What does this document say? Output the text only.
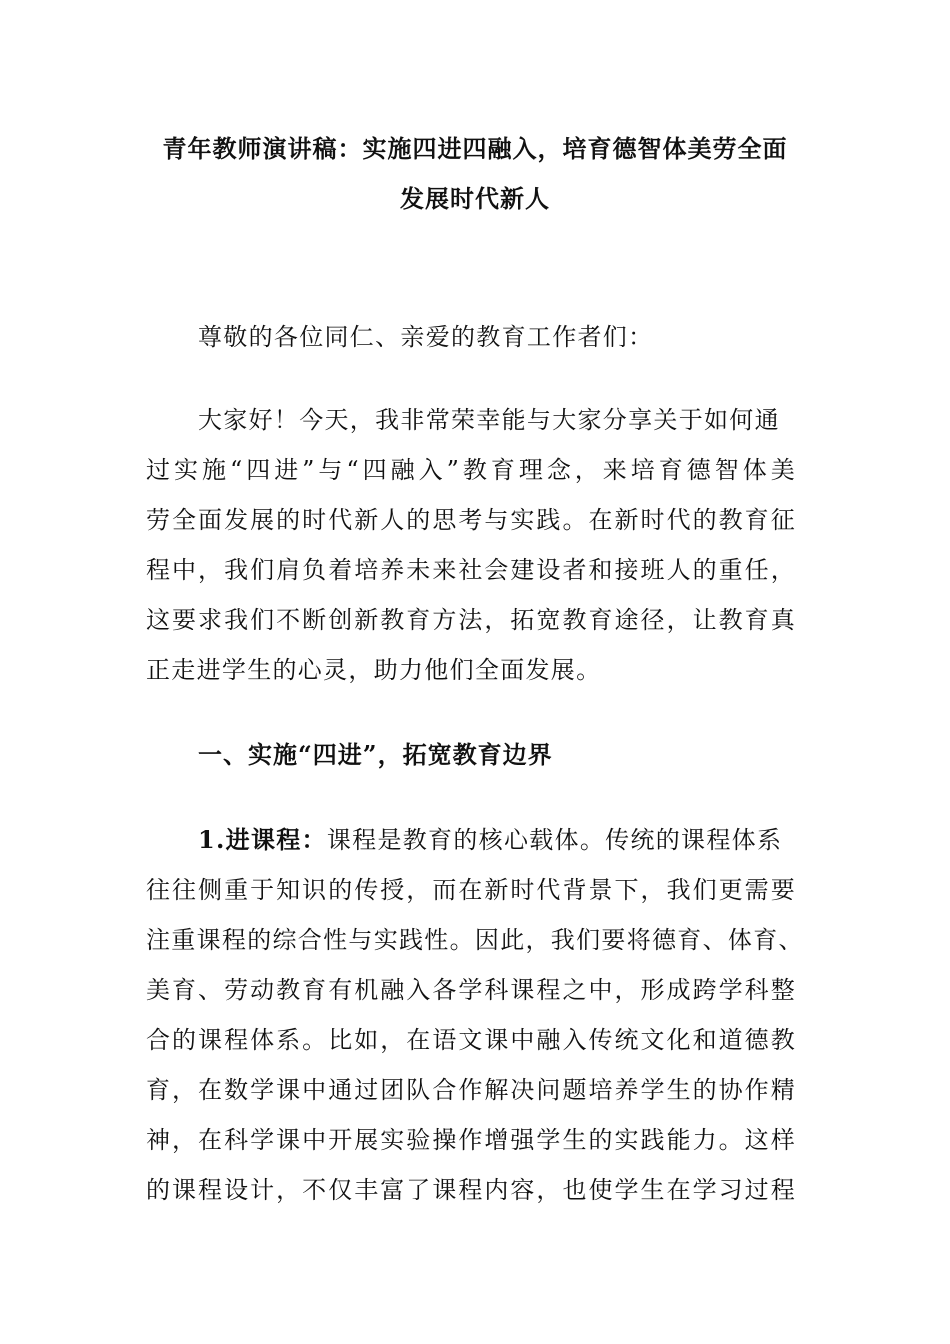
青年教师演讲稿：实施四进四融入，培育德智体美劳全面
发展时代新人
尊敬的各位同仁、亲爱的教育工作者们：
大家好！今天，我非常荣幸能与大家分享关于如何通
过实施“四进”与“四融入”教育理念，来培育德智体美
劳全面发展的时代新人的思考与实践。在新时代的教育征
程中，我们肩负着培养未来社会建设者和接班人的重任，
这要求我们不断创新教育方法，拓宽教育途径，让教育真
正走进学生的心灵，助力他们全面发展。
一、实施“四进”，拓宽教育边界
1.进课程：课程是教育的核心载体。传统的课程体系
往往侧重于知识的传授，而在新时代背景下，我们更需要
注重课程的综合性与实践性。因此，我们要将德育、体育、
美育、劳动教育有机融入各学科课程之中，形成跨学科整
合的课程体系。比如，在语文课中融入传统文化和道德教
育，在数学课中通过团队合作解决问题培养学生的协作精
神，在科学课中开展实验操作增强学生的实践能力。这样
的课程设计，不仅丰富了课程内容，也使学生在学习过程
